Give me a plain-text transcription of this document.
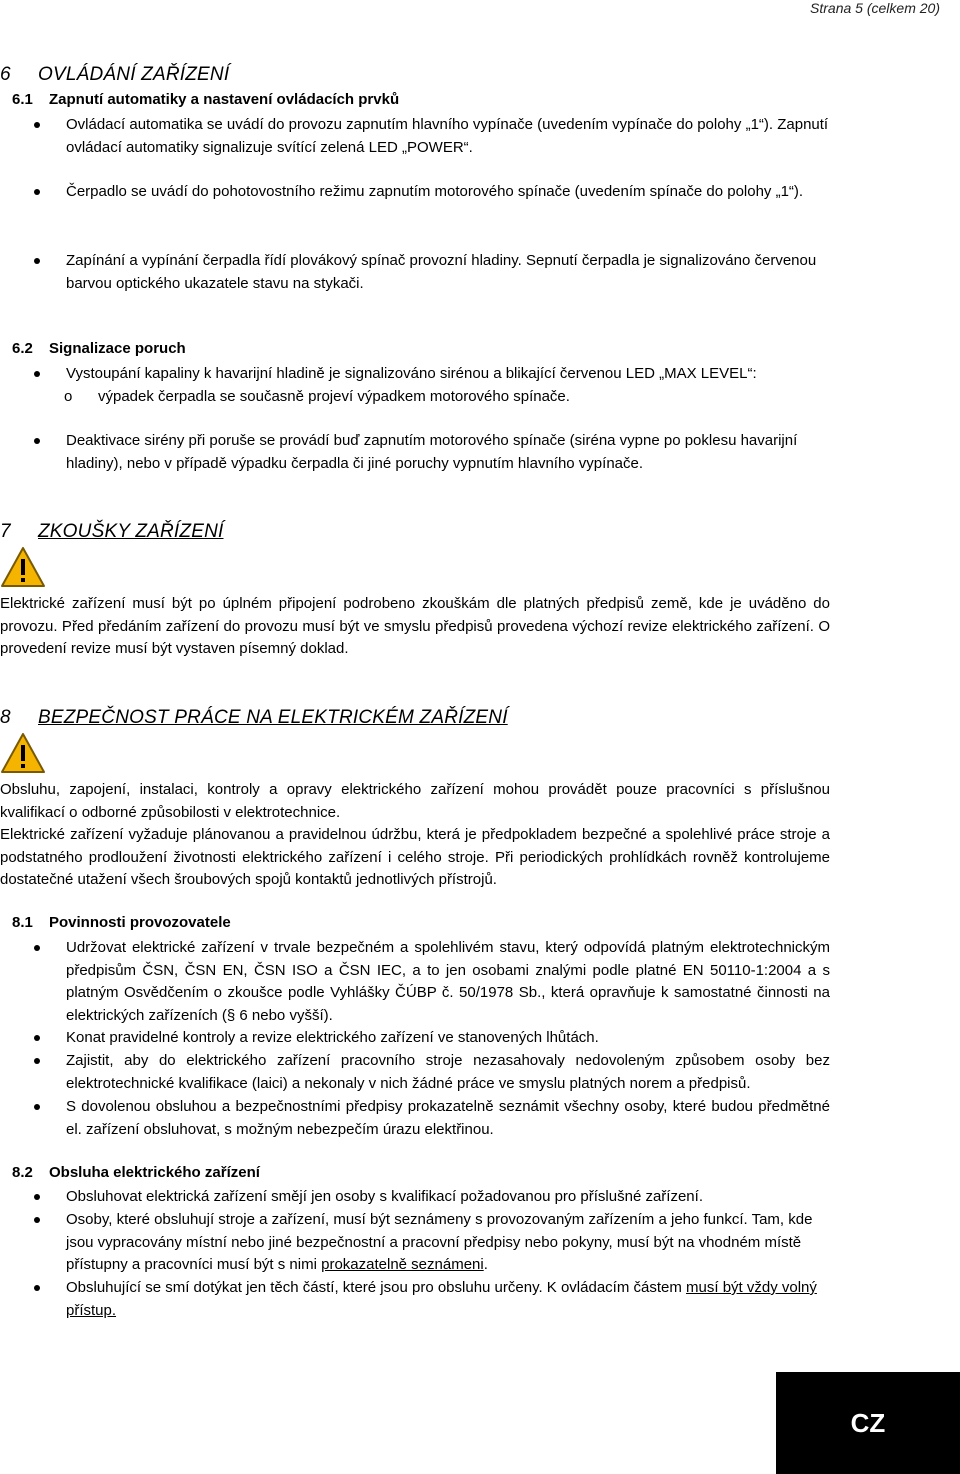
Strana 5 (celkem 20)
6 OVLÁDÁNÍ ZAŘÍZENÍ
6.1 Zapnutí automatiky a nastavení ovládacích prvků
Ovládací automatika se uvádí do provozu zapnutím hlavního vypínače (uvedením vypínače do polohy „1“). Zapnutí ovládací automatiky signalizuje svítící zelená LED „POWER“.
Čerpadlo se uvádí do pohotovostního režimu zapnutím motorového spínače (uvedením spínače do polohy „1“).
Zapínání a vypínání čerpadla řídí plovákový spínač provozní hladiny. Sepnutí čerpadla je signalizováno červenou barvou optického ukazatele stavu na stykači.
6.2 Signalizace poruch
Vystoupání kapaliny k havarijní hladině je signalizováno sirénou a blikající červenou LED „MAX LEVEL“:
o výpadek čerpadla se současně projeví výpadkem motorového spínače.
Deaktivace sirény při poruše se provádí buď zapnutím motorového spínače (siréna vypne po poklesu havarijní hladiny), nebo v případě výpadku čerpadla či jiné poruchy vypnutím hlavního vypínače.
7 ZKOUŠKY ZAŘÍZENÍ
Elektrické zařízení musí být po úplném připojení podrobeno zkouškám dle platných předpisů země, kde je uváděno do provozu. Před předáním zařízení do provozu musí být ve smyslu předpisů provedena výchozí revize elektrického zařízení. O provedení revize musí být vystaven písemný doklad.
8 BEZPEČNOST PRÁCE NA ELEKTRICKÉM ZAŘÍZENÍ
Obsluhu, zapojení, instalaci, kontroly a opravy elektrického zařízení mohou provádět pouze pracovníci s příslušnou kvalifikací o odborné způsobilosti v elektrotechnice.
Elektrické zařízení vyžaduje plánovanou a pravidelnou údržbu, která je předpokladem bezpečné a spolehlivé práce stroje a podstatného prodloužení životnosti elektrického zařízení i celého stroje. Při periodických prohlídkách rovněž kontrolujeme dostatečné utažení všech šroubových spojů kontaktů jednotlivých přístrojů.
8.1 Povinnosti provozovatele
Udržovat elektrické zařízení v trvale bezpečném a spolehlivém stavu, který odpovídá platným elektrotechnickým předpisům ČSN, ČSN EN, ČSN ISO a ČSN IEC, a to jen osobami znalými podle platné EN 50110-1:2004 a s platným Osvědčením o zkoušce podle Vyhlášky ČÚBP č. 50/1978 Sb., která opravňuje k samostatné činnosti na elektrických zařízeních (§ 6 nebo vyšší).
Konat pravidelné kontroly a revize elektrického zařízení ve stanovených lhůtách.
Zajistit, aby do elektrického zařízení pracovního stroje nezasahovaly nedovoleným způsobem osoby bez elektrotechnické kvalifikace (laici) a nekonaly v nich žádné práce ve smyslu platných norem a předpisů.
S dovolenou obsluhou a bezpečnostními předpisy prokazatelně seznámit všechny osoby, které budou předmětné el. zařízení obsluhovat, s možným nebezpečím úrazu elektřinou.
8.2 Obsluha elektrického zařízení
Obsluhovat elektrická zařízení smějí jen osoby s kvalifikací požadovanou pro příslušné zařízení.
Osoby, které obsluhují stroje a zařízení, musí být seznámeny s provozovaným zařízením a jeho funkcí. Tam, kde jsou vypracovány místní nebo jiné bezpečnostní a pracovní předpisy nebo pokyny, musí být na vhodném místě přístupny a pracovníci musí být s nimi prokazatelně seznámeni.
Obsluhující se smí dotýkat jen těch částí, které jsou pro obsluhu určeny. K ovládacím částem musí být vždy volný přístup.
CZ
